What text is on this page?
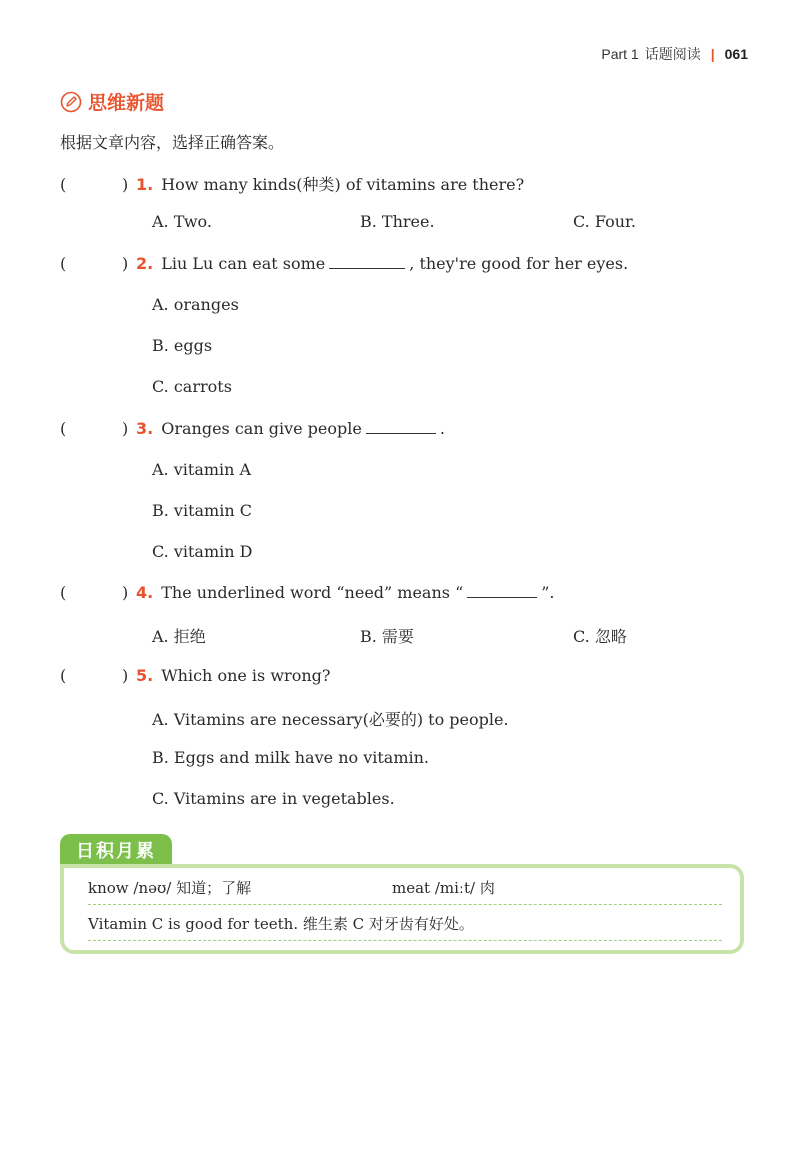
Part 1 话题阅读 | 061
思维新题
根据文章内容，选择正确答案。
(	) 1. How many kinds(种类) of vitamins are there?
A. Two.	B. Three.	C. Four.
(	) 2. Liu Lu can eat some	, they're good for her eyes.
A. oranges
B. eggs
C. carrots
(	) 3. Oranges can give people	.
A. vitamin A
B. vitamin C
C. vitamin D
(	) 4. The underlined word “need” means “	”.
A. 拒绝	B. 需要	C. 忽略
(	) 5. Which one is wrong?
A. Vitamins are necessary(必要的) to people.
B. Eggs and milk have no vitamin.
C. Vitamins are in vegetables.
日积月累
know /nəʊ/ 知道；了解	meat /miːt/ 肉
Vitamin C is good for teeth. 维生素 C 对牙齿有好处。
